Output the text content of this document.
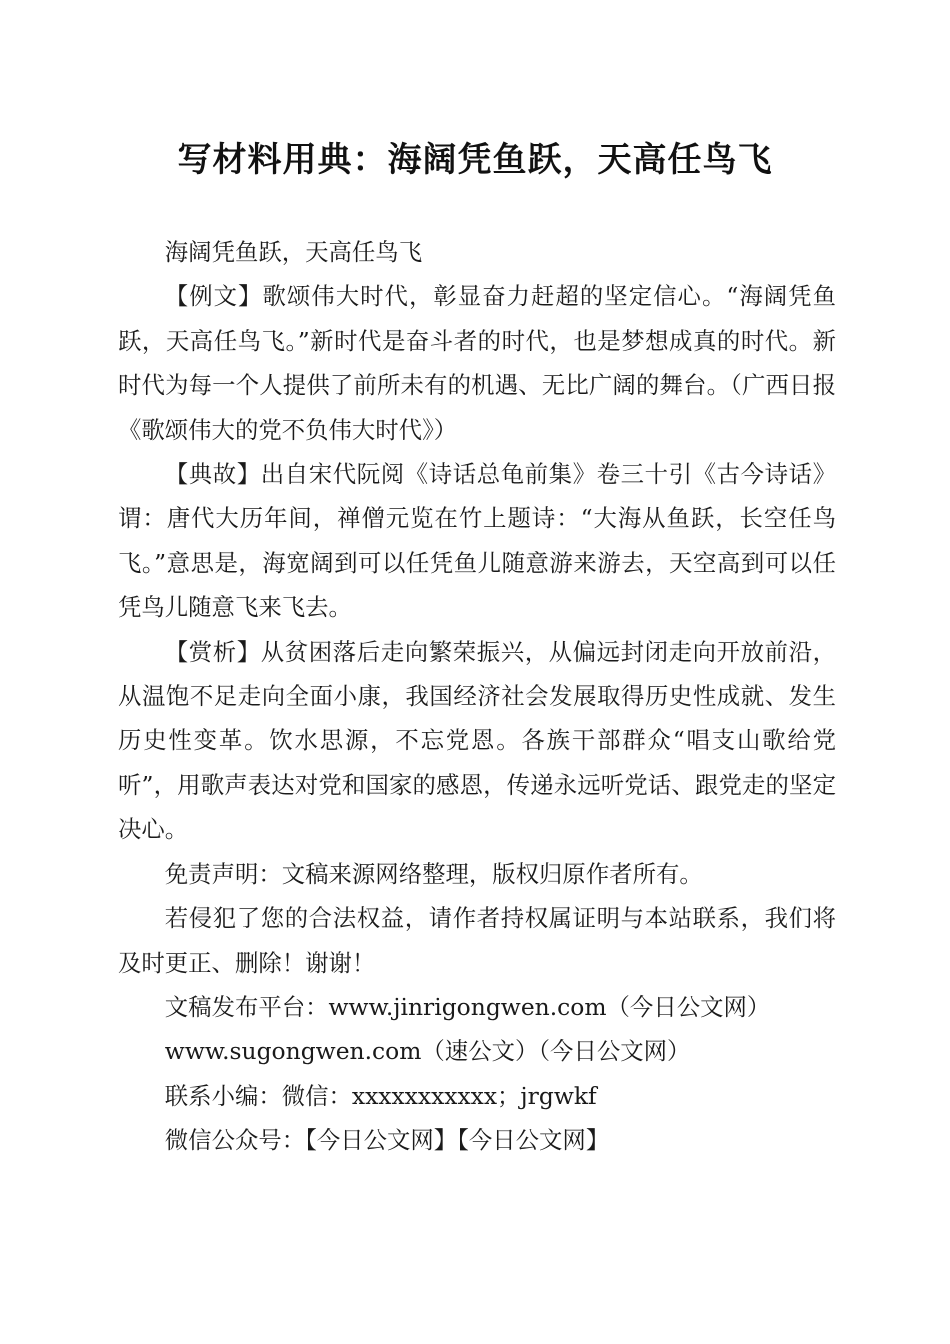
写材料用典：海阔凭鱼跃，天高任鸟飞

海阔凭鱼跃，天高任鸟飞

【例文】歌颂伟大时代，彰显奋力赶超的坚定信心。“海阔凭鱼跃，天高任鸟飞。”新时代是奋斗者的时代，也是梦想成真的时代。新时代为每一个人提供了前所未有的机遇、无比广阔的舞台。（广西日报《歌颂伟大的党不负伟大时代》）

【典故】出自宋代阮阅《诗话总龟前集》卷三十引《古今诗话》谓：唐代大历年间，禅僧元览在竹上题诗：“大海从鱼跃，长空任鸟飞。”意思是，海宽阔到可以任凭鱼儿随意游来游去，天空高到可以任凭鸟儿随意飞来飞去。

【赏析】从贫困落后走向繁荣振兴，从偏远封闭走向开放前沿，从温饱不足走向全面小康，我国经济社会发展取得历史性成就、发生历史性变革。饮水思源，不忘党恩。各族干部群众“唱支山歌给党听”，用歌声表达对党和国家的感恩，传递永远听党话、跟党走的坚定决心。

免责声明：文稿来源网络整理，版权归原作者所有。

若侵犯了您的合法权益，请作者持权属证明与本站联系，我们将及时更正、删除！谢谢！

文稿发布平台：www.jinrigongwen.com（今日公文网）

www.sugongwen.com（速公文）（今日公文网）

联系小编：微信：xxxxxxxxxxx；jrgwkf

微信公众号：【今日公文网】【今日公文网】
